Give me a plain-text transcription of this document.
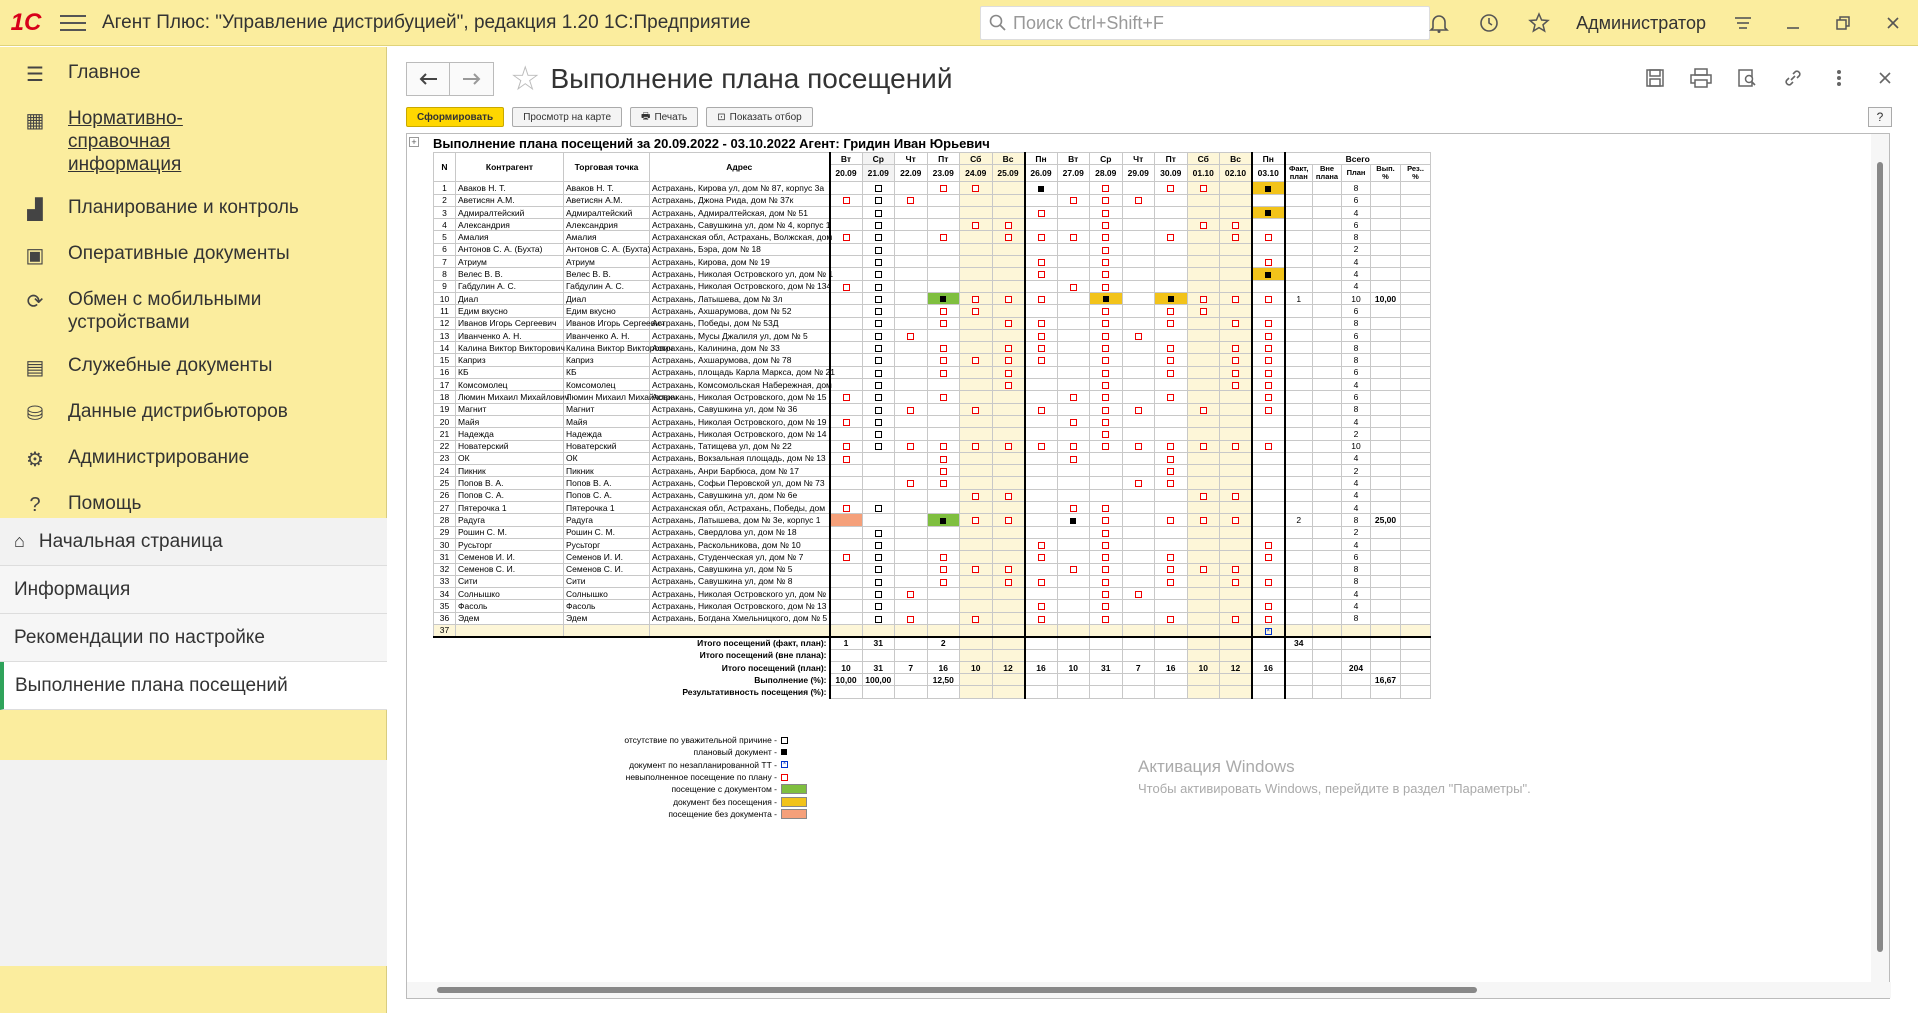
1С	Агент Плюс: "Управление дистрибуцией", редакция 1.20 1С:Предприятие	Поиск Ctrl+Shift+F	Администратор
☰ Главное
▦ Нормативно-справочная информация
▟ Планирование и контроль
▣ Оперативные документы
⟳ Обмен с мобильными устройствами
▤ Служебные документы
⛁ Данные дистрибьюторов
⚙ Администрирование
?	Помощь
⌂ Начальная страница
Информация
Рекомендации по настройке
Выполнение плана посещений
☆ Выполнение плана посещений
Сформировать	Просмотр на карте	🖶 Печать	⊡ Показать отбор	?
+ Выполнение плана посещений за 20.09.2022 - 03.10.2022 Агент: Гридин Иван Юрьевич
N	Контрагент	Торговая точка	Адрес	Вт	Ср	Чт	Пт	Сб	Вс	Пн	Вт	Ср	Чт	Пт	Сб	Вс	Пн	Всего				
				20.09	21.09	22.09	23.09	24.09	25.09	26.09	27.09	28.09	29.09	30.09	01.10	02.10	03.10	Факт, план	Вне плана	План	Вып. %	Рез.. %
1	Аваков Н. Т.	Аваков Н. Т.	Астрахань, Кирова ул, дом № 87, корпус 3а																	8		
2	Аветисян А.М.	Аветисян А.М.	Астрахань, Джона Рида, дом № 37к																	6		
3	Адмиралтейский	Адмиралтейский	Астрахань, Адмиралтейская, дом № 51																	4		
4	Александрия	Александрия	Астрахань, Савушкина ул, дом № 4, корпус 1																	6		
5	Амалия	Амалия	Астраханская обл, Астрахань, Волжская, дом																	8		
6	Антонов С. А. (Бухта)	Антонов С. А. (Бухта)	Астрахань, Бэра, дом № 18																	2		
7	Атриум	Атриум	Астрахань, Кирова, дом № 19																	4		
8	Велес В. В.	Велес В. В.	Астрахань, Николая Островского ул, дом № 1																	4		
9	Габдулин А. С.	Габдулин А. С.	Астрахань, Николая Островского, дом № 134																	4		
10	Диал	Диал	Астрахань, Латышева, дом № 3л															1		10	10,00	
11	Едим вкусно	Едим вкусно	Астрахань, Ахшарумова, дом № 52																	6		
12	Иванов Игорь Сергеевич	Иванов Игорь Сергеевич	Астрахань, Победы, дом № 53Д																	8		
13	Иванченко А. Н.	Иванченко А. Н.	Астрахань, Мусы Джалиля ул, дом № 5																	6		
14	Калина Виктор Викторович	Калина Виктор Викторович	Астрахань, Калинина, дом № 33																	8		
15	Каприз	Каприз	Астрахань, Ахшарумова, дом № 78																	8		
16	КБ	КБ	Астрахань, площадь Карла Маркса, дом № 21																	6		
17	Комсомолец	Комсомолец	Астрахань, Комсомольская Набережная, дом																	4		
18	Люмин Михаил Михайлович	Люмин Михаил Михайлович	Астрахань, Николая Островского, дом № 15																	6		
19	Магнит	Магнит	Астрахань, Савушкина ул, дом № 36																	8		
20	Майя	Майя	Астрахань, Николая Островского, дом № 19																	4		
21	Надежда	Надежда	Астрахань, Николая Островского, дом № 14																	2		
22	Новатерский	Новатерский	Астрахань, Татищева ул, дом № 22																	10		
23	ОК	ОК	Астрахань, Вокзальная площадь, дом № 13																	4		
24	Пикник	Пикник	Астрахань, Анри Барбюса, дом № 17																	2		
25	Попов В. А.	Попов В. А.	Астрахань, Софьи Перовской ул, дом № 73																	4		
26	Попов С. А.	Попов С. А.	Астрахань, Савушкина ул, дом № 6е																	4		
27	Пятерочка 1	Пятерочка 1	Астраханская обл, Астрахань, Победы, дом																	4		
28	Радуга	Радуга	Астрахань, Латышева, дом № 3е, корпус 1															2		8	25,00	
29	Рошин С. М.	Рошин С. М.	Астрахань, Свердлова ул, дом № 18																	2		
30	Русьторг	Русьторг	Астрахань, Раскольникова, дом № 10																	4		
31	Семенов И. И.	Семенов И. И.	Астрахань, Студенческая ул, дом № 7																	6		
32	Семенов С. И.	Семенов С. И.	Астрахань, Савушкина ул, дом № 5																	8		
33	Сити	Сити	Астрахань, Савушкина ул, дом № 8																	8		
34	Солнышко	Солнышко	Астрахань, Николая Островского ул, дом №																	4		
35	Фасоль	Фасоль	Астрахань, Николая Островского, дом № 13																	4		
36	Эдем	Эдем	Астрахань, Богдана Хмельницкого, дом № 5																	8		
37																	×					
Итого посещений (факт, план):				1	31		2											34				
Итого посещений (вне плана):																						
Итого посещений (план):				10	31	7	16	10	12	16	10	31	7	16	10	12	16			204		
Выполнение (%):				10,00	100,00		12,50														16,67	
Результативность посещения (%):																						
отсутствие по уважительной причине -
плановый документ -
документ по незапланированной ТТ - ×
невыполненное посещение по плану -
посещение с документом -
документ без посещения -
посещение без документа -
Активация Windows
Чтобы активировать Windows, перейдите в раздел "Параметры".
